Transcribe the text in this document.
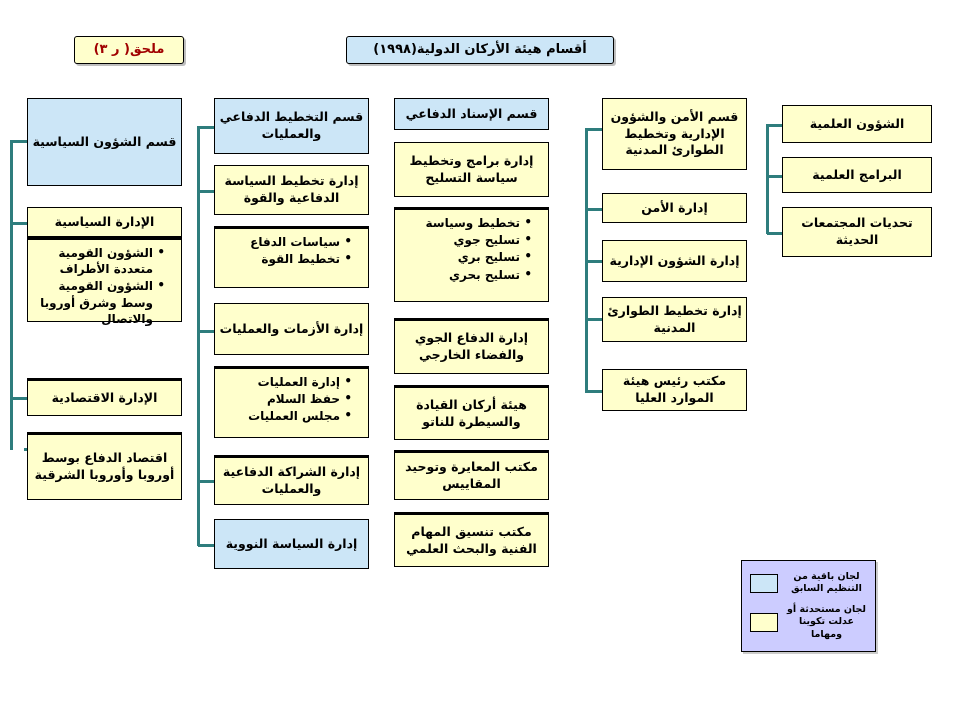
ملحق( ر ٣)	أقسام هيئة الأركان الدولية(١٩٩٨)
قسم الشؤون السياسية
الإدارة السياسية
• الشؤون القومية متعددة الأطراف
• الشؤون القومية وسط وشرق أوروبا والاتصال
الإدارة الاقتصادية
اقتصاد الدفاع بوسط أوروبا وأوروبا الشرقية
قسم التخطيط الدفاعي والعمليات
إدارة تخطيط السياسة الدفاعية والقوة
• سياسات الدفاع
• تخطيط القوة
إدارة الأزمات والعمليات
• إدارة العمليات
• حفظ السلام
• مجلس العمليات
إدارة الشراكة الدفاعية والعمليات
إدارة السياسة النووية
قسم الإسناد الدفاعي
إدارة برامج وتخطيط سياسة التسليح
• تخطيط وسياسة
• تسليح جوي
• تسليح بري
• تسليح بحري
إدارة الدفاع الجوي والفضاء الخارجي
هيئة أركان القيادة والسيطرة للناتو
مكتب المعايرة وتوحيد المقاييس
مكتب تنسيق المهام الفنية والبحث العلمي
قسم الأمن والشؤون الإدارية وتخطيط الطوارئ المدنية
إدارة الأمن
إدارة الشؤون الإدارية
إدارة تخطيط الطوارئ المدنية
مكتب رئيس هيئة الموارد العليا
الشؤون العلمية
البرامج العلمية
تحديات المجتمعات الحديثة
لجان باقية من التنظيم السابق
لجان مستحدثة أو عدلت تكوينا ومهاما
